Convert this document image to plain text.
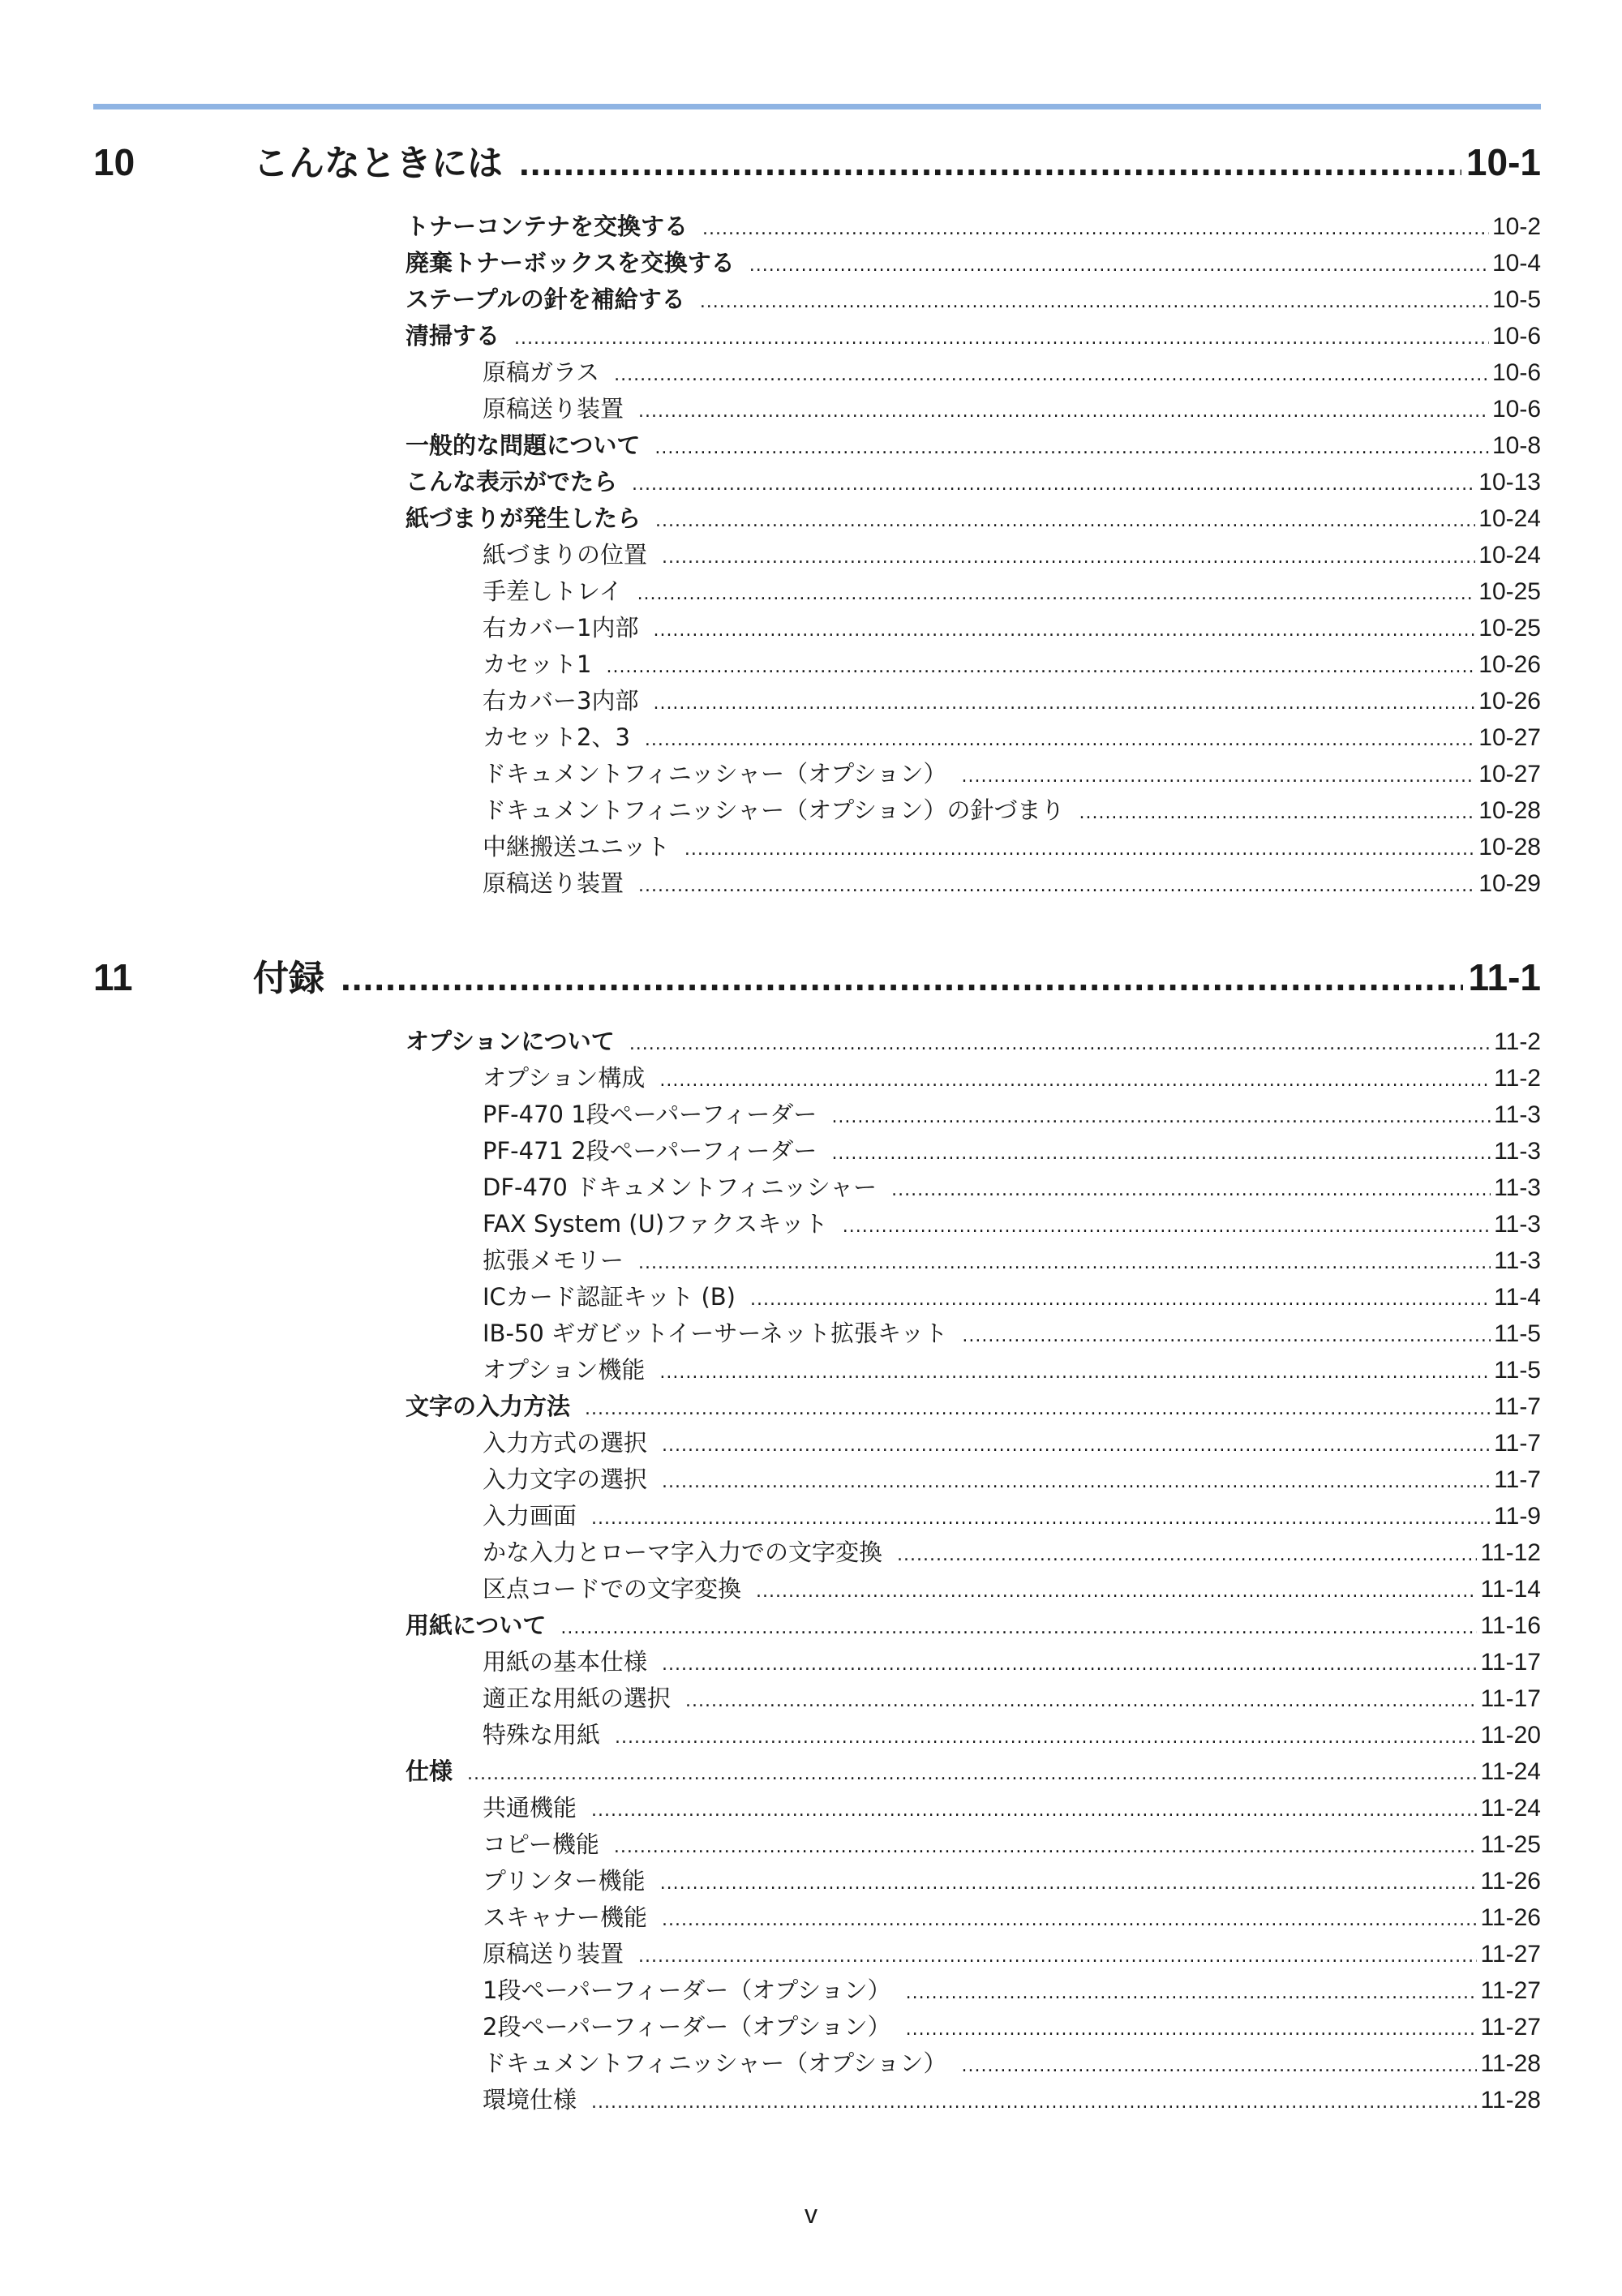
10	こんなときには .....	10-1
トナーコンテナを交換する .....	10-2
廃棄トナーボックスを交換する .....	10-4
ステープルの針を補給する .....	10-5
清掃する .....	10-6
原稿ガラス .....	10-6
原稿送り装置 .....	10-6
一般的な問題について .....	10-8
こんな表示がでたら .....	10-13
紙づまりが発生したら .....	10-24
紙づまりの位置 .....	10-24
手差しトレイ .....	10-25
右カバー1内部 .....	10-25
カセット1 .....	10-26
右カバー3内部 .....	10-26
カセット2、3 .....	10-27
ドキュメントフィニッシャー（オプション） .....	10-27
ドキュメントフィニッシャー（オプション）の針づまり .....	10-28
中継搬送ユニット .....	10-28
原稿送り装置 .....	10-29
11	付録 .....	11-1
オプションについて .....	11-2
オプション構成 .....	11-2
PF-470 1段ペーパーフィーダー .....	11-3
PF-471 2段ペーパーフィーダー .....	11-3
DF-470 ドキュメントフィニッシャー .....	11-3
FAX System (U)ファクスキット .....	11-3
拡張メモリー .....	11-3
ICカード認証キット (B) .....	11-4
IB-50 ギガビットイーサーネット拡張キット .....	11-5
オプション機能 .....	11-5
文字の入力方法 .....	11-7
入力方式の選択 .....	11-7
入力文字の選択 .....	11-7
入力画面 .....	11-9
かな入力とローマ字入力での文字変換 .....	11-12
区点コードでの文字変換 .....	11-14
用紙について .....	11-16
用紙の基本仕様 .....	11-17
適正な用紙の選択 .....	11-17
特殊な用紙 .....	11-20
仕様 .....	11-24
共通機能 .....	11-24
コピー機能 .....	11-25
プリンター機能 .....	11-26
スキャナー機能 .....	11-26
原稿送り装置 .....	11-27
1段ペーパーフィーダー（オプション） .....	11-27
2段ペーパーフィーダー（オプション） .....	11-27
ドキュメントフィニッシャー（オプション） .....	11-28
環境仕様 .....	11-28
v
